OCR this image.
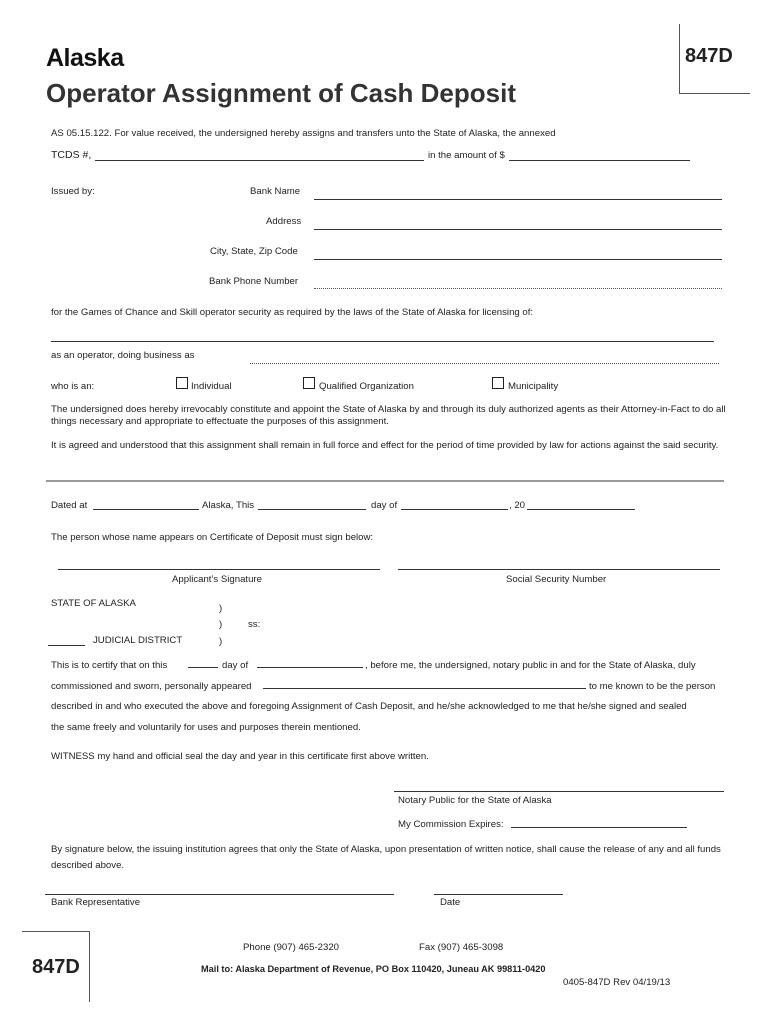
Alaska
Operator Assignment of Cash Deposit
847D
AS 05.15.122. For value received, the undersigned hereby assigns and transfers unto the State of Alaska, the annexed
TCDS #,	in the amount of $
Issued by:	Bank Name
Address
City, State, Zip Code
Bank Phone Number
for the Games of Chance and Skill operator security as required by the laws of the State of Alaska for licensing of:
as an operator, doing business as
who is an:	Individual	Qualified Organization	Municipality
The undersigned does hereby irrevocably constitute and appoint the State of Alaska by and through its duly authorized agents as their Attorney-in-Fact to do all things necessary and appropriate to effectuate the purposes of this assignment.
It is agreed and understood that this assignment shall remain in full force and effect for the period of time provided by law for actions against the said security.
Dated at	Alaska, This	day of	, 20
The person whose name appears on Certificate of Deposit must sign below:
Applicant’s Signature	Social Security Number
STATE OF ALASKA	)
)	ss:
JUDICIAL DISTRICT	)
This is to certify that on this	day of	, before me, the undersigned, notary public in and for the State of Alaska, duly
commissioned and sworn, personally appeared	to me known to be the person
described in and who executed the above and foregoing Assignment of Cash Deposit, and he/she acknowledged to me that he/she signed and sealed
the same freely and voluntarily for uses and purposes therein mentioned.
WITNESS my hand and official seal the day and year in this certificate first above written.
Notary Public for the State of Alaska
My Commission Expires:
By signature below, the issuing institution agrees that only the State of Alaska, upon presentation of written notice, shall cause the release of any and all funds described above.
Bank Representative	Date
847D
Phone (907) 465-2320	Fax (907) 465-3098
Mail to: Alaska Department of Revenue, PO Box 110420, Juneau AK 99811-0420
0405-847D Rev 04/19/13
